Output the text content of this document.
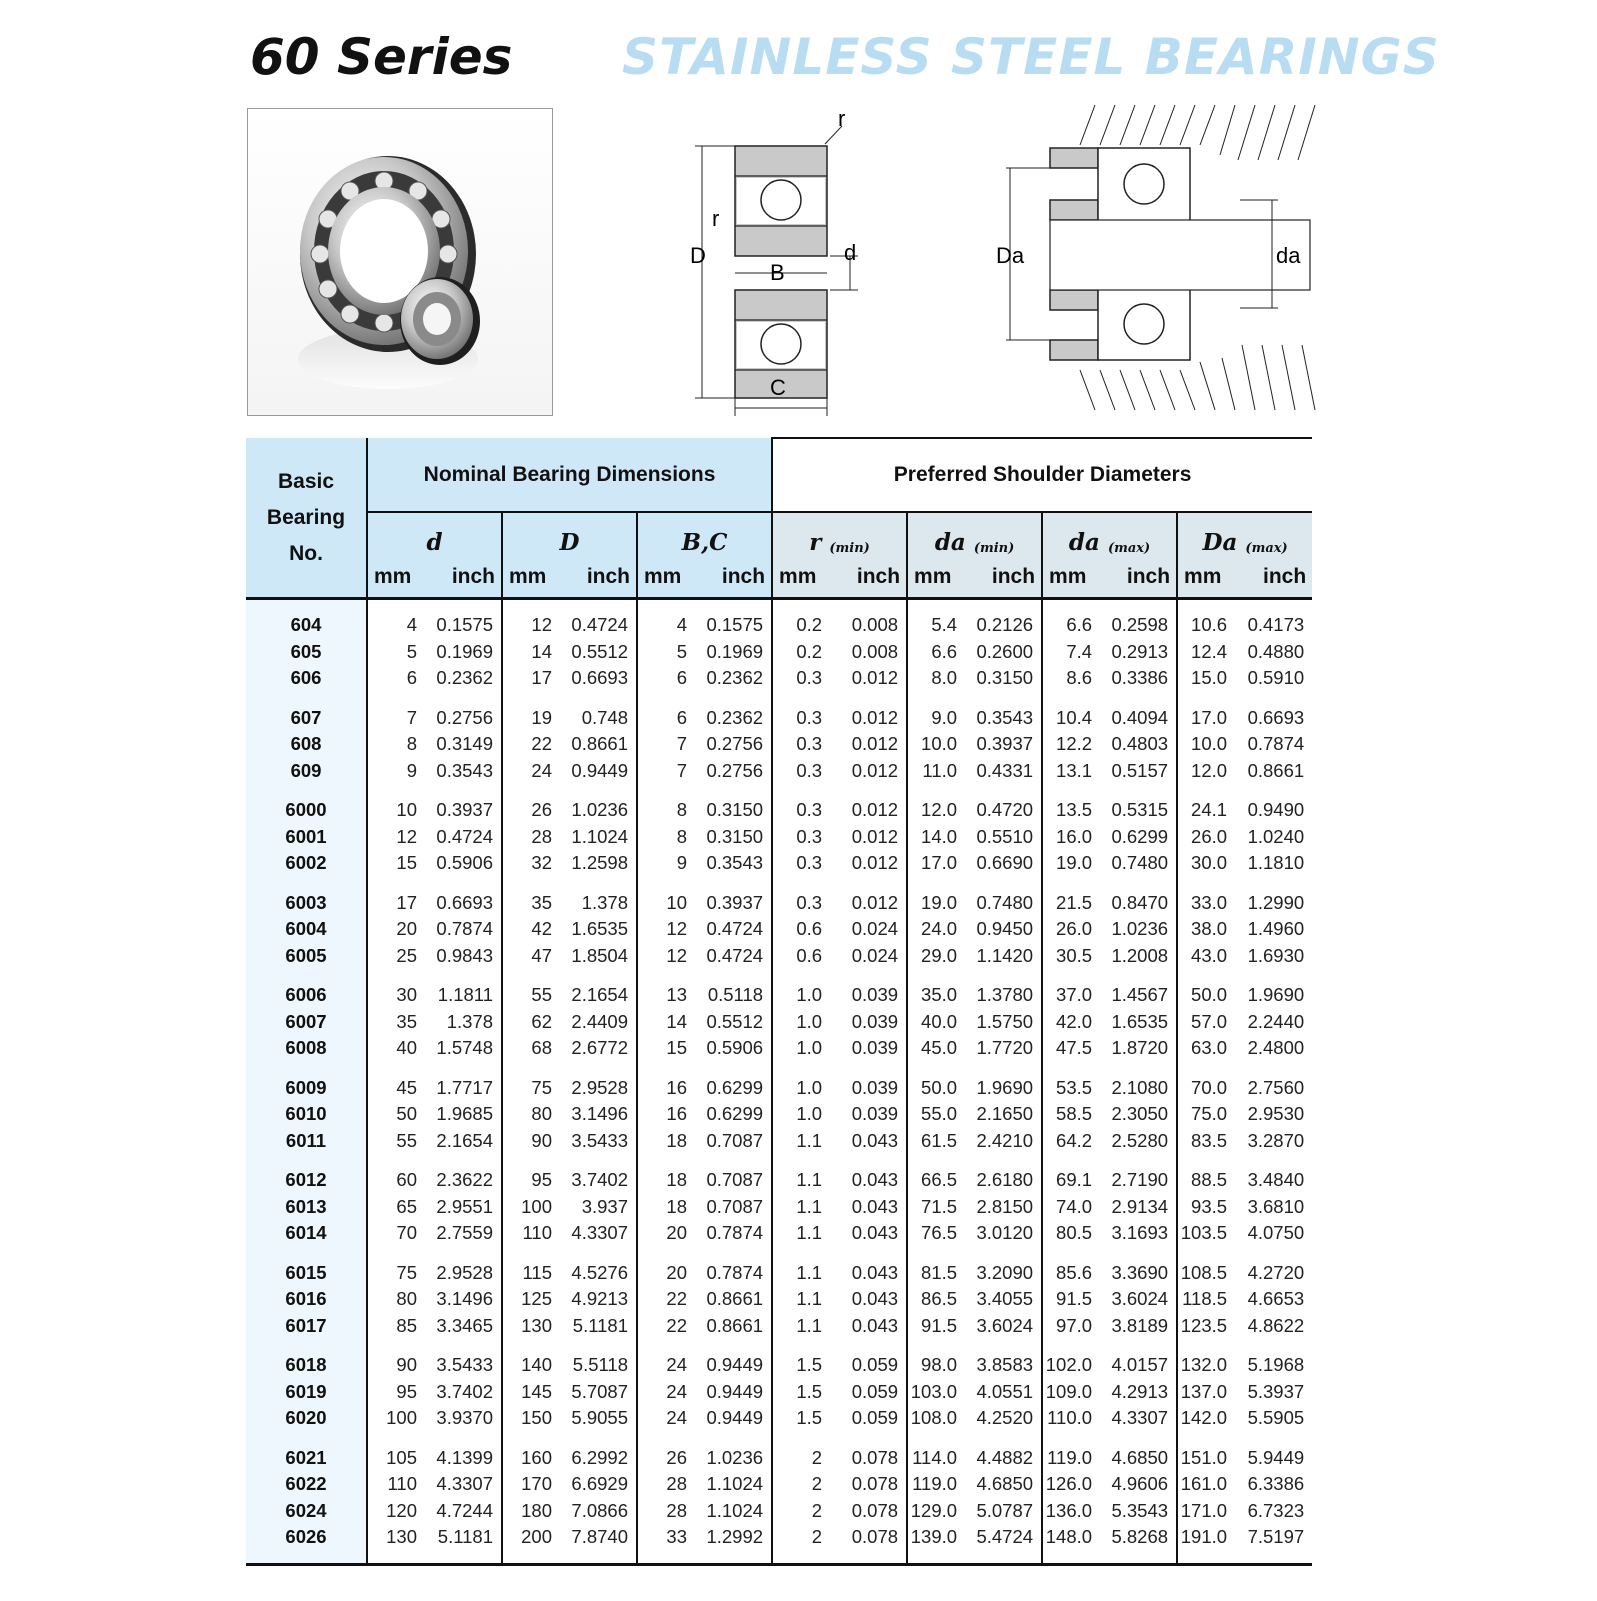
60 Series STAINLESS STEEL BEARINGS
r
r
D	d
B
C
Da	da
Basic
Bearing
No.	Nominal Bearing Dimensions						Preferred Shoulder Diameters							
	d		D		B,C		r $_{(min)}$		da $_{(min)}$		da $_{(max)}$		Da $_{(max)}$
	mm	inch	mm	inch	mm	inch	mm	inch	mm	inch	mm	inch	mm	inch

604	4	0.1575	12	0.4724	4	0.1575	0.2	0.008	5.4	0.2126	6.6	0.2598	10.6	0.4173
605	5	0.1969	14	0.5512	5	0.1969	0.2	0.008	6.6	0.2600	7.4	0.2913	12.4	0.4880
606	6	0.2362	17	0.6693	6	0.2362	0.3	0.012	8.0	0.3150	8.6	0.3386	15.0	0.5910

607	7	0.2756	19	0.748	6	0.2362	0.3	0.012	9.0	0.3543	10.4	0.4094	17.0	0.6693
608	8	0.3149	22	0.8661	7	0.2756	0.3	0.012	10.0	0.3937	12.2	0.4803	10.0	0.7874
609	9	0.3543	24	0.9449	7	0.2756	0.3	0.012	11.0	0.4331	13.1	0.5157	12.0	0.8661

6000	10	0.3937	26	1.0236	8	0.3150	0.3	0.012	12.0	0.4720	13.5	0.5315	24.1	0.9490
6001	12	0.4724	28	1.1024	8	0.3150	0.3	0.012	14.0	0.5510	16.0	0.6299	26.0	1.0240
6002	15	0.5906	32	1.2598	9	0.3543	0.3	0.012	17.0	0.6690	19.0	0.7480	30.0	1.1810

6003	17	0.6693	35	1.378	10	0.3937	0.3	0.012	19.0	0.7480	21.5	0.8470	33.0	1.2990
6004	20	0.7874	42	1.6535	12	0.4724	0.6	0.024	24.0	0.9450	26.0	1.0236	38.0	1.4960
6005	25	0.9843	47	1.8504	12	0.4724	0.6	0.024	29.0	1.1420	30.5	1.2008	43.0	1.6930

6006	30	1.1811	55	2.1654	13	0.5118	1.0	0.039	35.0	1.3780	37.0	1.4567	50.0	1.9690
6007	35	1.378	62	2.4409	14	0.5512	1.0	0.039	40.0	1.5750	42.0	1.6535	57.0	2.2440
6008	40	1.5748	68	2.6772	15	0.5906	1.0	0.039	45.0	1.7720	47.5	1.8720	63.0	2.4800

6009	45	1.7717	75	2.9528	16	0.6299	1.0	0.039	50.0	1.9690	53.5	2.1080	70.0	2.7560
6010	50	1.9685	80	3.1496	16	0.6299	1.0	0.039	55.0	2.1650	58.5	2.3050	75.0	2.9530
6011	55	2.1654	90	3.5433	18	0.7087	1.1	0.043	61.5	2.4210	64.2	2.5280	83.5	3.2870

6012	60	2.3622	95	3.7402	18	0.7087	1.1	0.043	66.5	2.6180	69.1	2.7190	88.5	3.4840
6013	65	2.9551	100	3.937	18	0.7087	1.1	0.043	71.5	2.8150	74.0	2.9134	93.5	3.6810
6014	70	2.7559	110	4.3307	20	0.7874	1.1	0.043	76.5	3.0120	80.5	3.1693	103.5	4.0750

6015	75	2.9528	115	4.5276	20	0.7874	1.1	0.043	81.5	3.2090	85.6	3.3690	108.5	4.2720
6016	80	3.1496	125	4.9213	22	0.8661	1.1	0.043	86.5	3.4055	91.5	3.6024	118.5	4.6653
6017	85	3.3465	130	5.1181	22	0.8661	1.1	0.043	91.5	3.6024	97.0	3.8189	123.5	4.8622

6018	90	3.5433	140	5.5118	24	0.9449	1.5	0.059	98.0	3.8583	102.0	4.0157	132.0	5.1968
6019	95	3.7402	145	5.7087	24	0.9449	1.5	0.059	103.0	4.0551	109.0	4.2913	137.0	5.3937
6020	100	3.9370	150	5.9055	24	0.9449	1.5	0.059	108.0	4.2520	110.0	4.3307	142.0	5.5905

6021	105	4.1399	160	6.2992	26	1.0236	2	0.078	114.0	4.4882	119.0	4.6850	151.0	5.9449
6022	110	4.3307	170	6.6929	28	1.1024	2	0.078	119.0	4.6850	126.0	4.9606	161.0	6.3386
6024	120	4.7244	180	7.0866	28	1.1024	2	0.078	129.0	5.0787	136.0	5.3543	171.0	6.7323
6026	130	5.1181	200	7.8740	33	1.2992	2	0.078	139.0	5.4724	148.0	5.8268	191.0	7.5197
